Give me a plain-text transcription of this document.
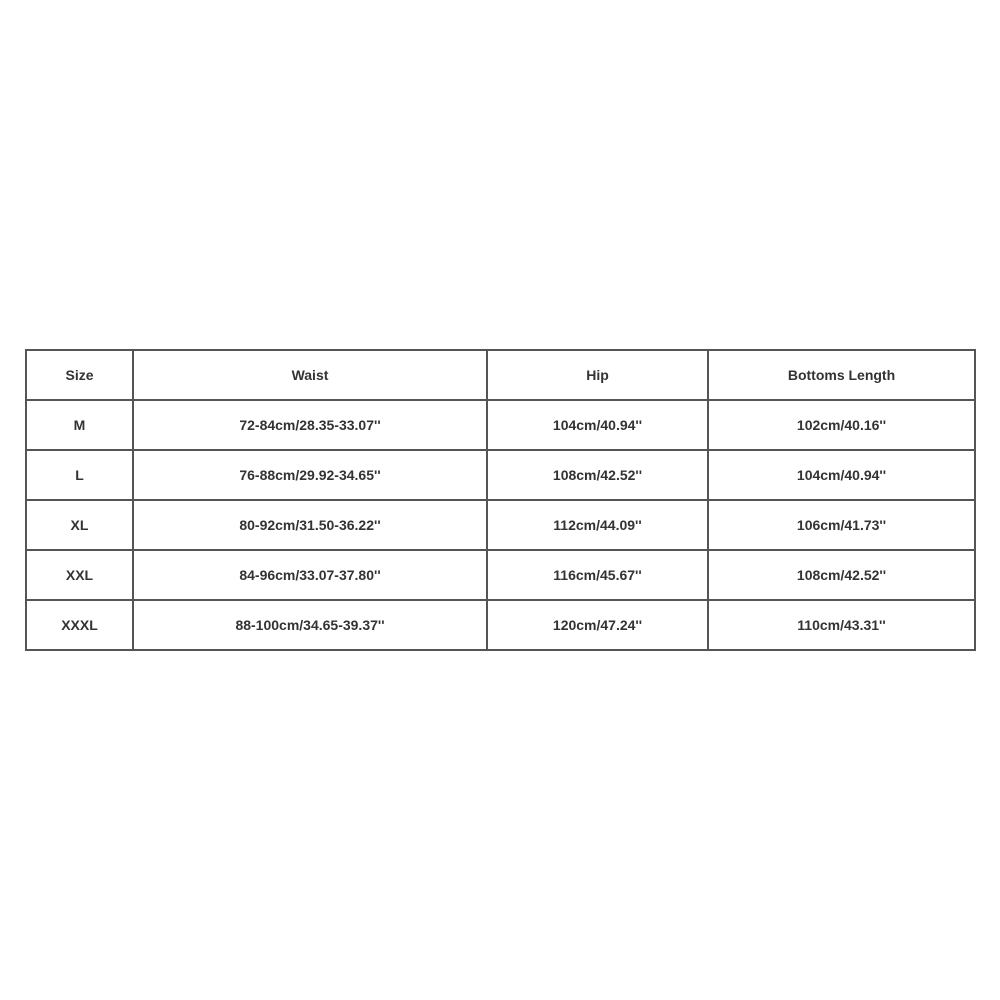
Size	Waist	Hip	Bottoms Length
M	72-84cm/28.35-33.07''	104cm/40.94''	102cm/40.16''
L	76-88cm/29.92-34.65''	108cm/42.52''	104cm/40.94''
XL	80-92cm/31.50-36.22''	112cm/44.09''	106cm/41.73''
XXL	84-96cm/33.07-37.80''	116cm/45.67''	108cm/42.52''
XXXL	88-100cm/34.65-39.37''	120cm/47.24''	110cm/43.31''
